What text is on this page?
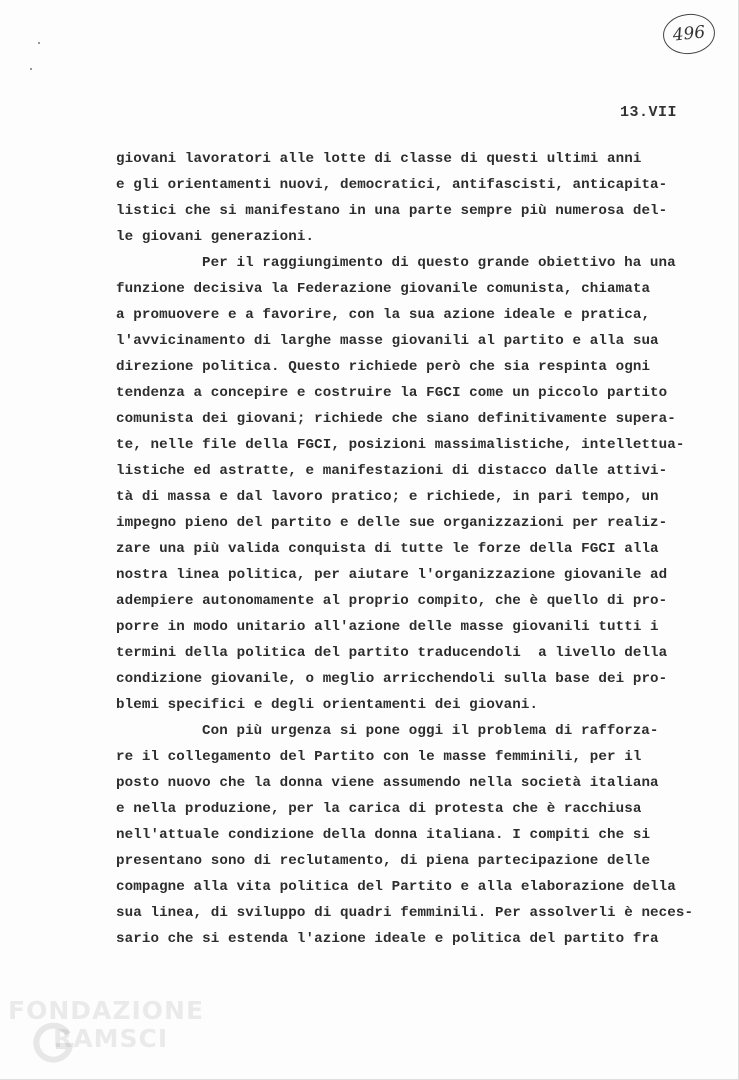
496
13.VII
giovani lavoratori alle lotte di classe di questi ultimi anni
e gli orientamenti nuovi, democratici, antifascisti, anticapita-
listici che si manifestano in una parte sempre più numerosa del-
le giovani generazioni.
Per il raggiungimento di questo grande obiettivo ha una
funzione decisiva la Federazione giovanile comunista, chiamata
a promuovere e a favorire, con la sua azione ideale e pratica,
l'avvicinamento di larghe masse giovanili al partito e alla sua
direzione politica. Questo richiede però che sia respinta ogni
tendenza a concepire e costruire la FGCI come un piccolo partito
comunista dei giovani; richiede che siano definitivamente supera-
te, nelle file della FGCI, posizioni massimalistiche, intellettua-
listiche ed astratte, e manifestazioni di distacco dalle attivi-
tà di massa e dal lavoro pratico; e richiede, in pari tempo, un
impegno pieno del partito e delle sue organizzazioni per realiz-
zare una più valida conquista di tutte le forze della FGCI alla
nostra linea politica, per aiutare l'organizzazione giovanile ad
adempiere autonomamente al proprio compito, che è quello di pro-
porre in modo unitario all'azione delle masse giovanili tutti i
termini della politica del partito traducendoli  a livello della
condizione giovanile, o meglio arricchendoli sulla base dei pro-
blemi specifici e degli orientamenti dei giovani.
Con più urgenza si pone oggi il problema di rafforza-
re il collegamento del Partito con le masse femminili, per il
posto nuovo che la donna viene assumendo nella società italiana
e nella produzione, per la carica di protesta che è racchiusa
nell'attuale condizione della donna italiana. I compiti che si
presentano sono di reclutamento, di piena partecipazione delle
compagne alla vita politica del Partito e alla elaborazione della
sua linea, di sviluppo di quadri femminili. Per assolverli è neces-
sario che si estenda l'azione ideale e politica del partito fra
FONDAZIONE
RAMSCI
